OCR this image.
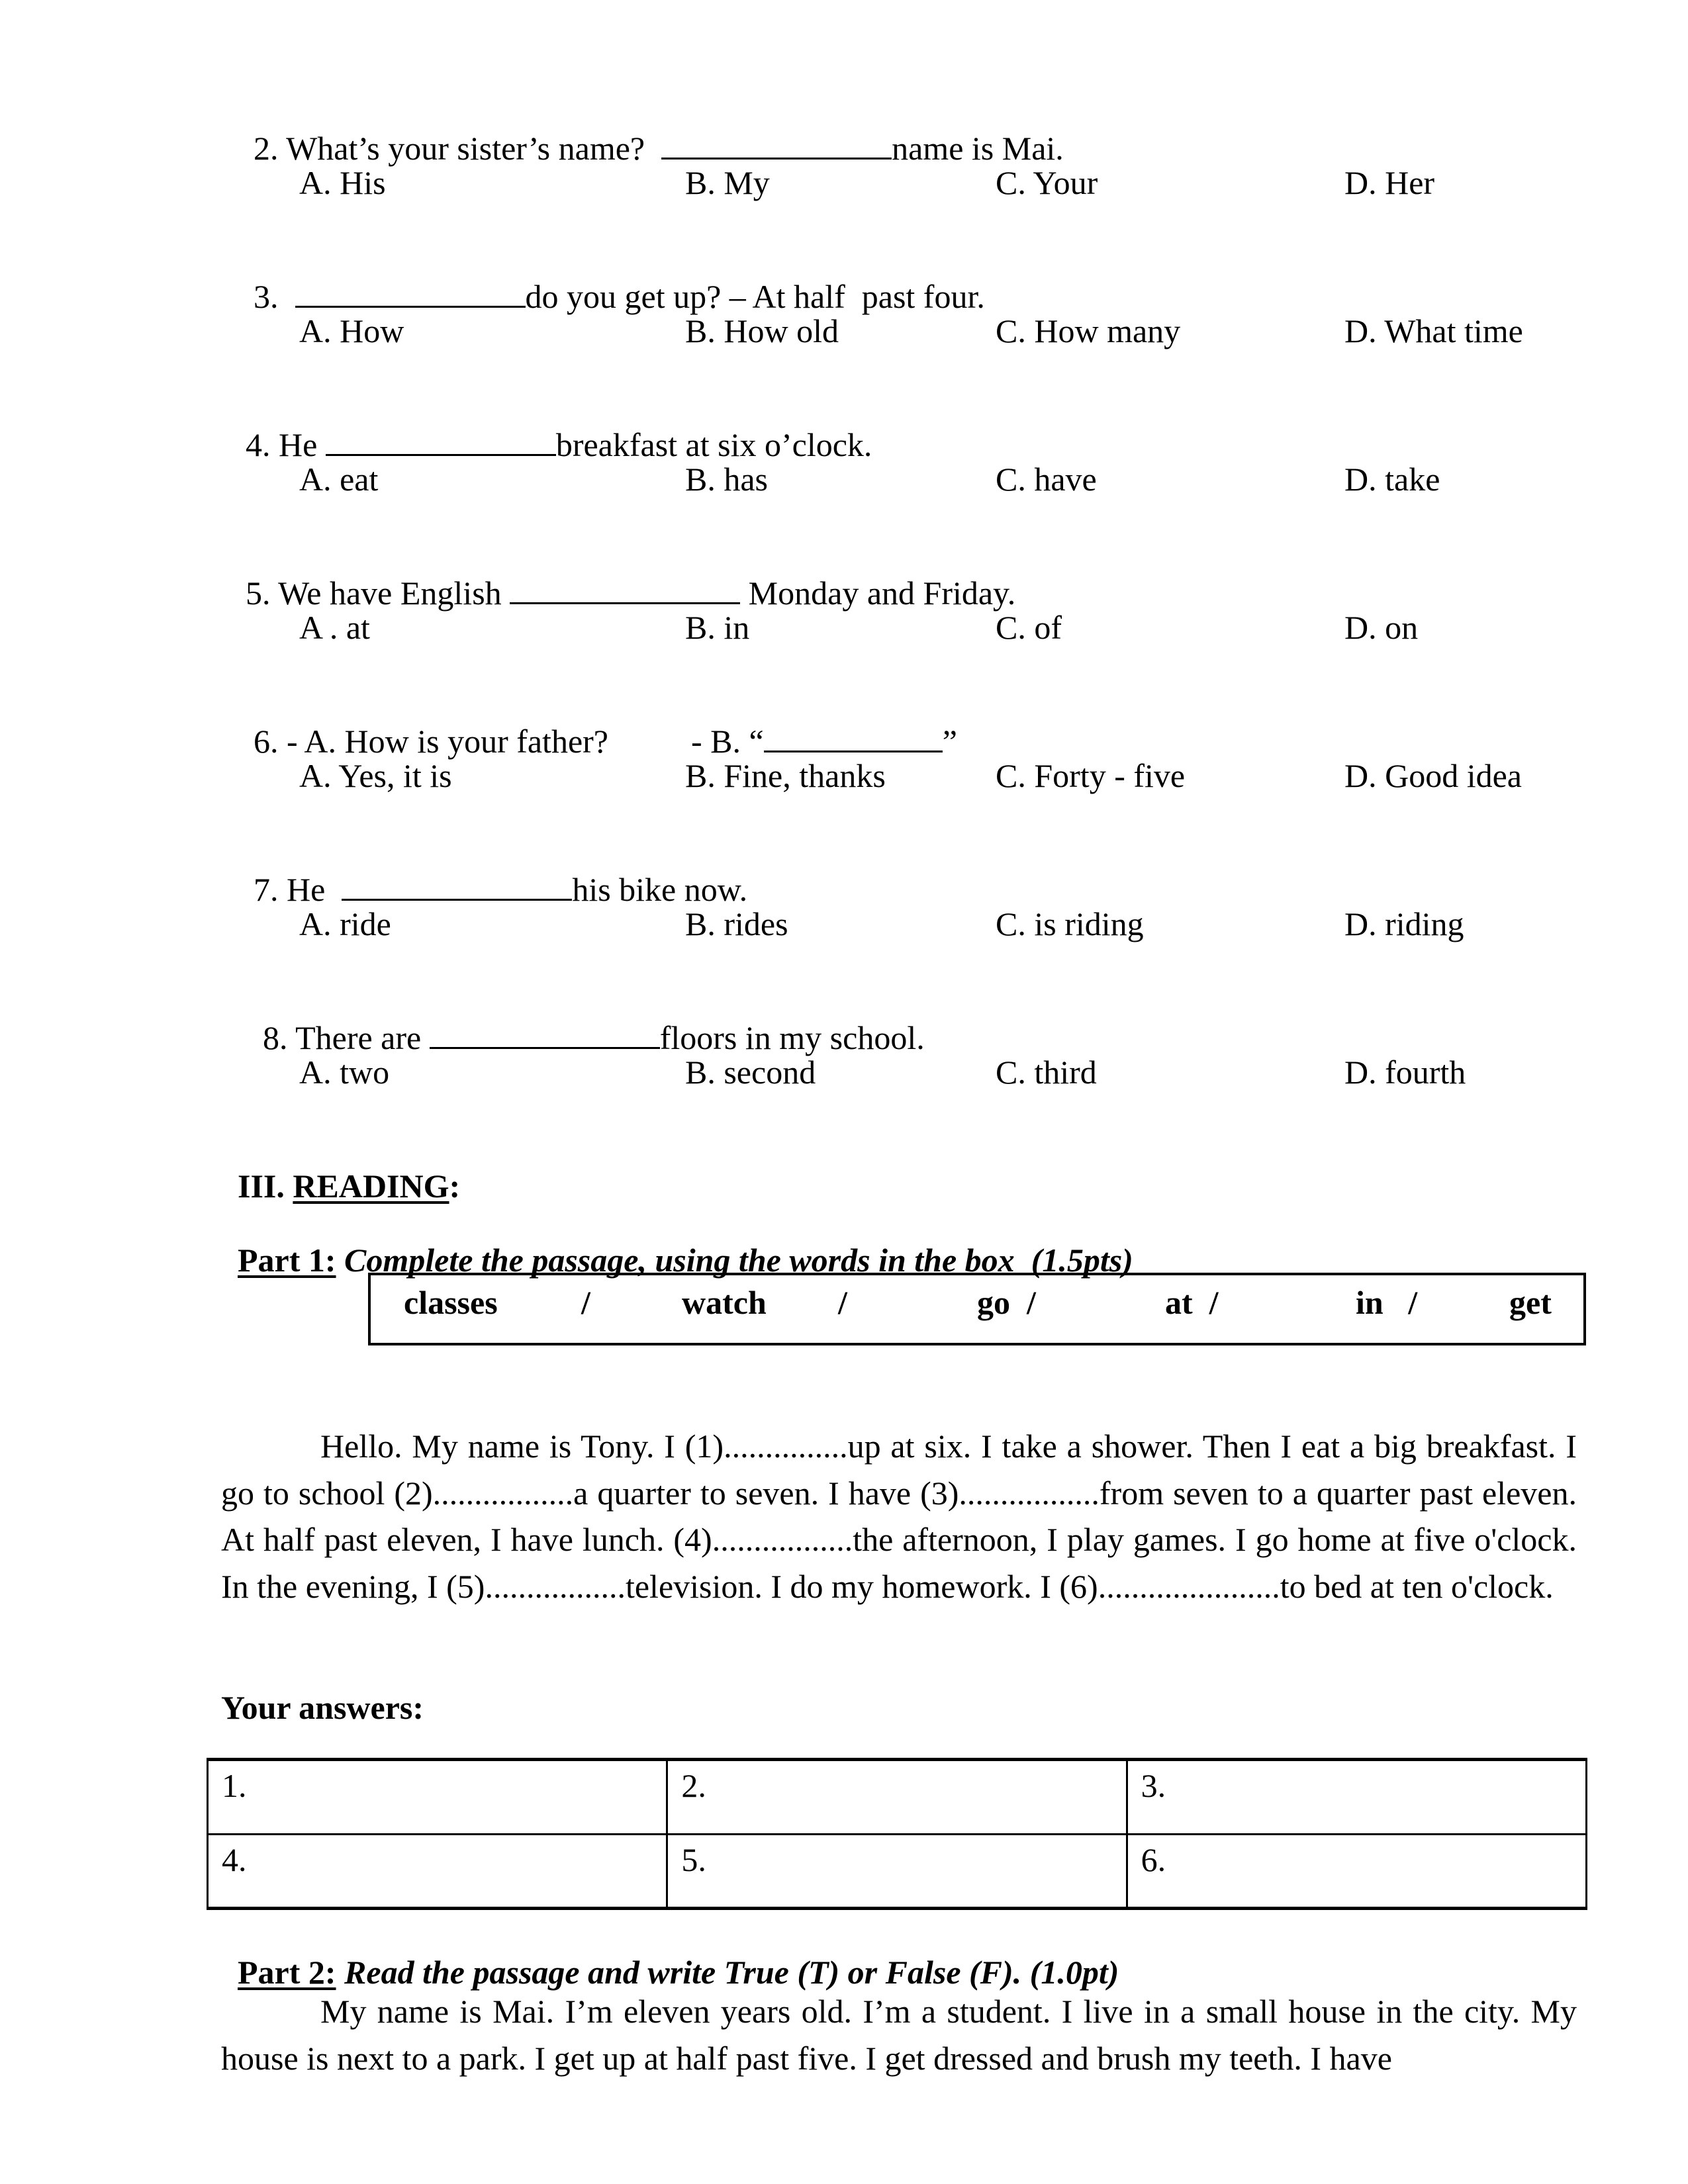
2. What’s your sister’s name?	name is Mai.

A. His	B. My	C. Your	D. Her

3.	do you get up? – At half  past four.

A. How	B. How old	C. How many	D. What time

4. He	breakfast at six o’clock.

A. eat	B. has	C. have	D. take

5. We have English	Monday and Friday.

A . at	B. in	C. of	D. on

6. - A. How is your father?	- B. “	”

A. Yes, it is	B. Fine, thanks	C. Forty - five	D. Good idea

7. He	his bike now.

A. ride	B. rides	C. is riding	D. riding

8. There are	floors in my school.

A. two	B. second	C. third	D. fourth

III. READING:

Part 1: Complete the passage, using the words in the box  (1.5pts)

classes	/	watch /	go  /	at  /	in   /	get

Hello. My name is Tony. I (1)...............up at six. I take a shower. Then I eat a big breakfast. I go to school (2).................a quarter to seven. I have (3).................from seven to a quarter past eleven. At half past eleven, I have lunch. (4).................the afternoon, I play games. I go home at five o'clock. In the evening, I (5).................television. I do my homework. I (6)......................to bed at ten o'clock.

Your answers:
1.	2.	3.
4.	5.	6.

Part 2: Read the passage and write True (T) or False (F). (1.0pt)

My name is Mai. I’m eleven years old. I’m a student. I live in a small house in the city. My house is next to a park. I get up at half past five. I get dressed and brush my teeth. I have
